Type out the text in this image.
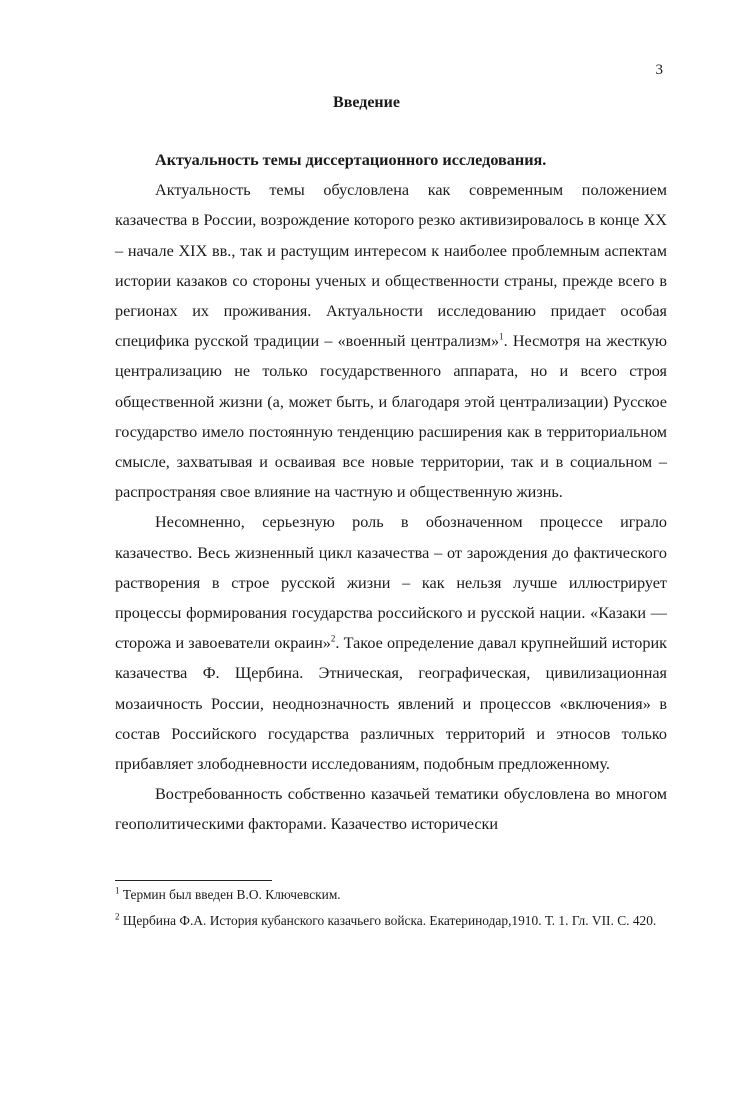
3
Введение

Актуальность темы диссертационного исследования.

Актуальность темы обусловлена как современным положением казачества в России, возрождение которого резко активизировалось в конце XX – начале XIX вв., так и растущим интересом к наиболее проблемным аспектам истории казаков со стороны ученых и общественности страны, прежде всего в регионах их проживания. Актуальности исследованию придает особая специфика русской традиции – «военный централизм»$^1$. Несмотря на жесткую централизацию не только государственного аппарата, но и всего строя общественной жизни (а, может быть, и благодаря этой централизации) Русское государство имело постоянную тенденцию расширения как в территориальном смысле, захватывая и осваивая все новые территории, так и в социальном – распространяя свое влияние на частную и общественную жизнь.

Несомненно, серьезную роль в обозначенном процессе играло казачество. Весь жизненный цикл казачества – от зарождения до фактического растворения в строе русской жизни – как нельзя лучше иллюстрирует процессы формирования государства российского и русской нации. «Казаки — сторожа и завоеватели окраин»$^2$. Такое определение давал крупнейший историк казачества Ф. Щербина. Этническая, географическая, цивилизационная мозаичность России, неоднозначность явлений и процессов «включения» в состав Российского государства различных территорий и этносов только прибавляет злободневности исследованиям, подобным предложенному.

Востребованность собственно казачьей тематики обусловлена во многом геополитическими факторами. Казачество исторически

$^1$ Термин был введен В.О. Ключевским.

$^2$ Щербина Ф.А. История кубанского казачьего войска. Екатеринодар,1910. Т. 1. Гл. VII. С. 420.
